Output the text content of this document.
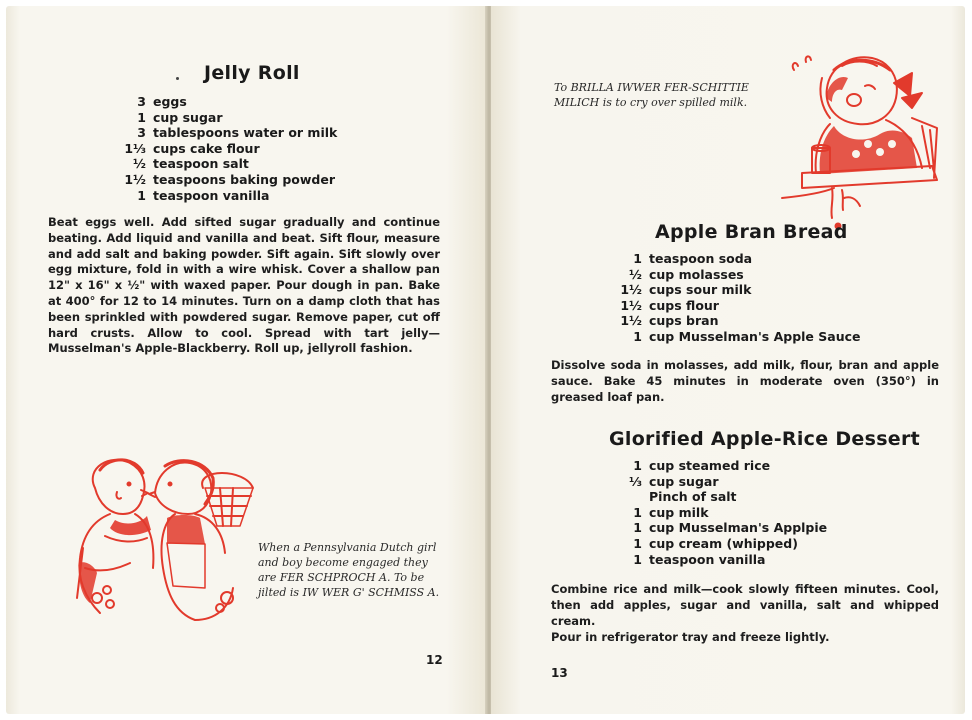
Jelly Roll
3 eggs
1 cup sugar
3 tablespoons water or milk
1⅓ cups cake flour
½ teaspoon salt
1½ teaspoons baking powder
1 teaspoon vanilla
Beat eggs well. Add sifted sugar gradually and continue beating. Add liquid and vanilla and beat. Sift flour, measure and add salt and baking powder. Sift again. Sift slowly over egg mixture, fold in with a wire whisk. Cover a shallow pan 12" x 16" x ½" with waxed paper. Pour dough in pan. Bake at 400° for 12 to 14 minutes. Turn on a damp cloth that has been sprinkled with powdered sugar. Remove paper, cut off hard crusts. Allow to cool. Spread with tart jelly—Musselman's Apple-Blackberry. Roll up, jellyroll fashion.
When a Pennsylvania Dutch girl and boy become engaged they are FER SCHPROCH A. To be jilted is IW WER G' SCHMISS A.
12
To BRILLA IWWER FER-SCHITTIE MILICH is to cry over spilled milk.
Apple Bran Bread
1 teaspoon soda
½ cup molasses
1½ cups sour milk
1½ cups flour
1½ cups bran
1 cup Musselman's Apple Sauce
Dissolve soda in molasses, add milk, flour, bran and apple sauce. Bake 45 minutes in moderate oven (350°) in greased loaf pan.
Glorified Apple-Rice Dessert
1 cup steamed rice
⅓ cup sugar
Pinch of salt
1 cup milk
1 cup Musselman's Applpie
1 cup cream (whipped)
1 teaspoon vanilla
Combine rice and milk—cook slowly fifteen minutes. Cool, then add apples, sugar and vanilla, salt and whipped cream.
Pour in refrigerator tray and freeze lightly.
13
